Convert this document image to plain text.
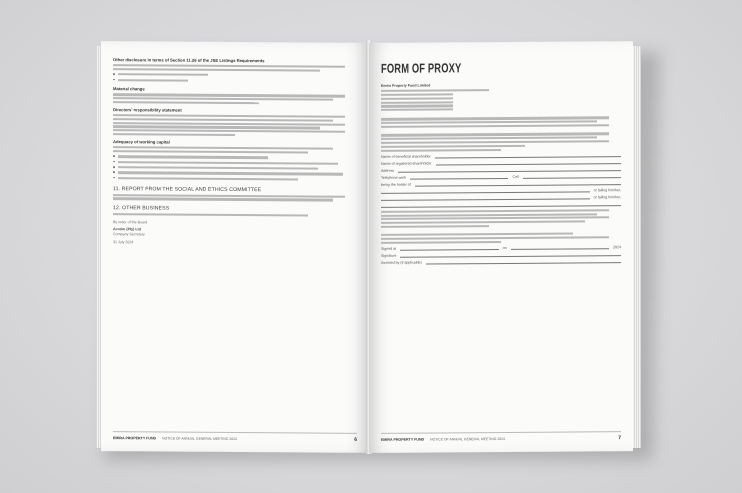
Other disclosure in terms of Section 11.26 of the JSE Listings Requirements
Material change
Directors' responsibility statement
Adequacy of working capital
11. REPORT FROM THE SOCIAL AND ETHICS COMMITTEE
12. OTHER BUSINESS
By order of the Board
Acorim (Pty) Ltd
Company Secretary
31 July 2024
EMIRA PROPERTY FUND NOTICE OF ANNUAL GENERAL MEETING 2024	6
FORM OF PROXY
Emira Property Fund Limited
Name of beneficial shareholder
Name of registered shareholder
Address
Telephone work	Cell
being the holder of
or failing him/her,
or failing him/her,
Signed at	on	2024
Signature
Assisted by (if applicable)
EMIRA PROPERTY FUND NOTICE OF ANNUAL GENERAL MEETING 2024	7
